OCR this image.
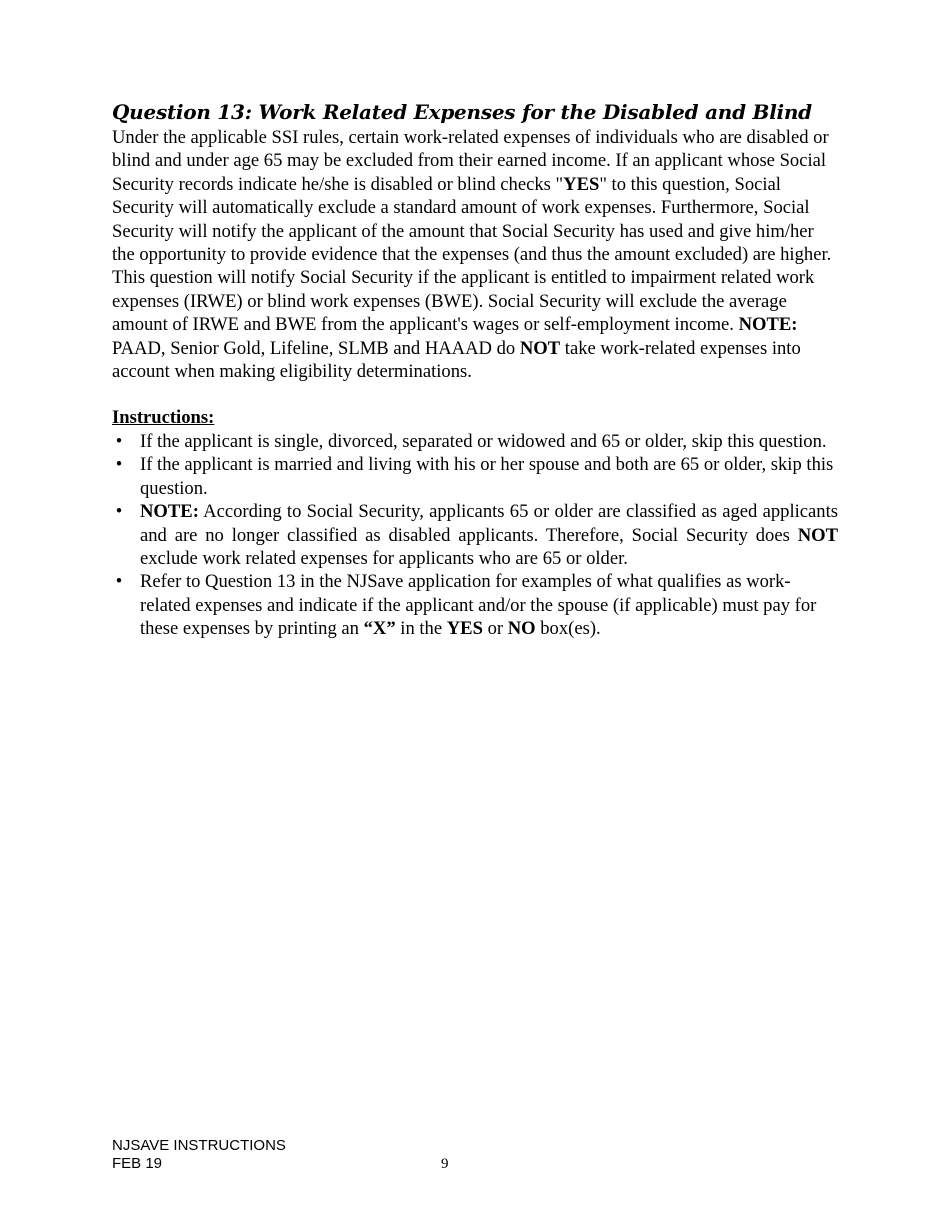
Question 13: Work Related Expenses for the Disabled and Blind

Under the applicable SSI rules, certain work-related expenses of individuals who are disabled or blind and under age 65 may be excluded from their earned income. If an applicant whose Social Security records indicate he/she is disabled or blind checks "YES" to this question, Social Security will automatically exclude a standard amount of work expenses. Furthermore, Social Security will notify the applicant of the amount that Social Security has used and give him/her the opportunity to provide evidence that the expenses (and thus the amount excluded) are higher. This question will notify Social Security if the applicant is entitled to impairment related work expenses (IRWE) or blind work expenses (BWE). Social Security will exclude the average amount of IRWE and BWE from the applicant's wages or self-employment income. NOTE: PAAD, Senior Gold, Lifeline, SLMB and HAAAD do NOT take work-related expenses into account when making eligibility determinations.

Instructions:

• If the applicant is single, divorced, separated or widowed and 65 or older, skip this question.
• If the applicant is married and living with his or her spouse and both are 65 or older, skip this question.
• NOTE: According to Social Security, applicants 65 or older are classified as aged applicants and are no longer classified as disabled applicants. Therefore, Social Security does NOT exclude work related expenses for applicants who are 65 or older.
• Refer to Question 13 in the NJSave application for examples of what qualifies as work-related expenses and indicate if the applicant and/or the spouse (if applicable) must pay for these expenses by printing an “X” in the YES or NO box(es).
NJSAVE INSTRUCTIONS
FEB 19	9
